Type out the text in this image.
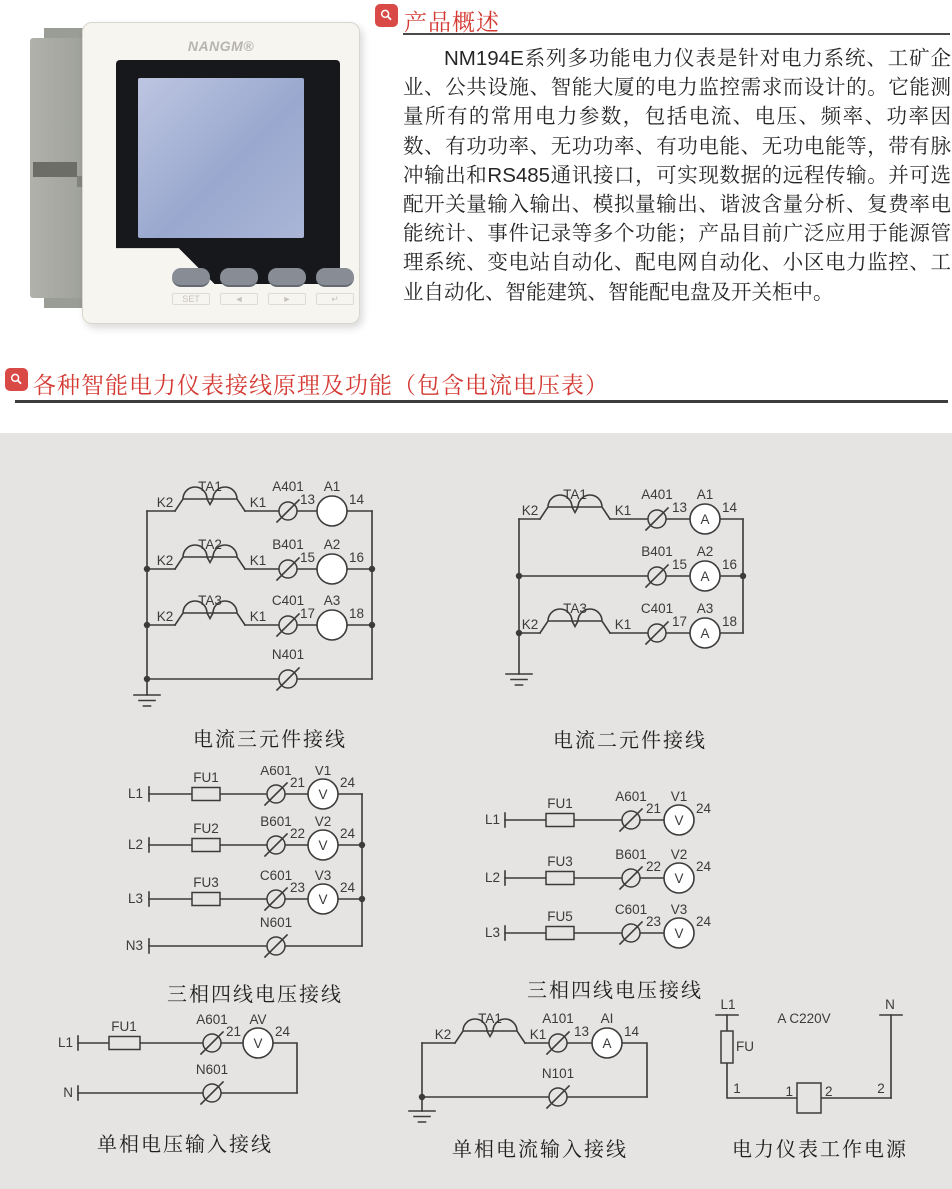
NANGM®
SET	◄	►	↵
产品概述
NM194E系列多功能电力仪表是针对电力系统、工矿企业、公共设施、智能大厦的电力监控需求而设计的。它能测量所有的常用电力参数，包括电流、电压、频率、功率因数、有功功率、无功功率、有功电能、无功电能等，带有脉冲输出和RS485通讯接口，可实现数据的远程传输。并可选配开关量输入输出、模拟量输出、谐波含量分析、复费率电能统计、事件记录等多个功能；产品目前广泛应用于能源管理系统、变电站自动化、配电网自动化、小区电力监控、工业自动化、智能建筑、智能配电盘及开关柜中。
各种智能电力仪表接线原理及功能（包含电流电压表）
K2	K1
TA1	A401
13	14
A1
K2	K1
TA2	B401
15	16
A2
K2	K1
TA3	C401
17	18
A3
N401
电流三元件接线
K2	K1
TA1	A401
13
A
14
A1
B401
15
A
16
A2
K2	K1
TA3	C401
17
A
18
A3
电流二元件接线
L1
FU1	A601
21
V
24
V1
L2
FU2	B601
22
V
24
V2
L3
FU3	C601
23
V
24
V3
N3
N601
三相四线电压接线
L1
FU1	A601
21
V
24
V1
L2
FU3	B601
22
V
24
V2
L3
FU5	C601
23
V
24
V3
三相四线电压接线
L1
FU1	A601
21
V
24
AV
N
N601
单相电压输入接线
K2	K1
TA1	A101
13
A
14
AI
N101
单相电流输入接线
L1
FU
A C220V
N
1	1 2	2
电力仪表工作电源
